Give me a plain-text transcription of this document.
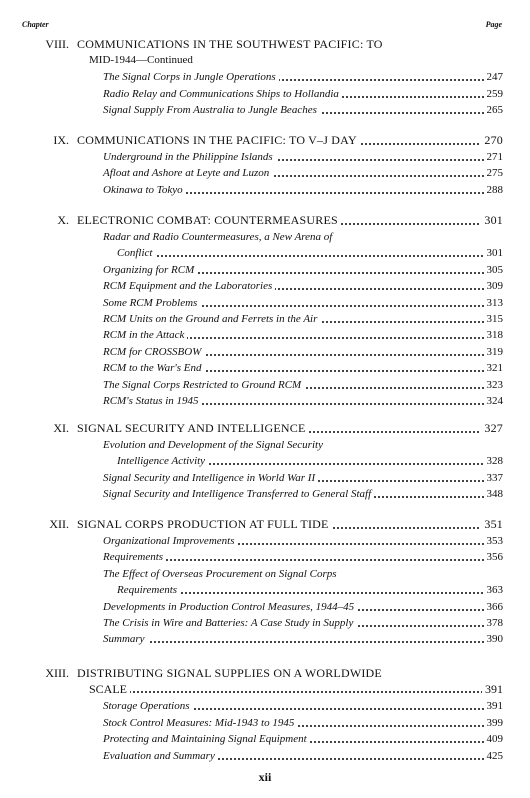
Chapter	Page
VIII. COMMUNICATIONS IN THE SOUTHWEST PACIFIC: TO
MID-1944—Continued
The Signal Corps in Jungle Operations	247
Radio Relay and Communications Ships to Hollandia	259
Signal Supply From Australia to Jungle Beaches	265
IX. COMMUNICATIONS IN THE PACIFIC: TO V–J DAY	270
Underground in the Philippine Islands	271
Afloat and Ashore at Leyte and Luzon	275
Okinawa to Tokyo	288
X. ELECTRONIC COMBAT: COUNTERMEASURES	301
Radar and Radio Countermeasures, a New Arena of
Conflict	301
Organizing for RCM	305
RCM Equipment and the Laboratories	309
Some RCM Problems	313
RCM Units on the Ground and Ferrets in the Air	315
RCM in the Attack	318
RCM for CROSSBOW	319
RCM to the War's End	321
The Signal Corps Restricted to Ground RCM	323
RCM's Status in 1945	324
XI. SIGNAL SECURITY AND INTELLIGENCE	327
Evolution and Development of the Signal Security
Intelligence Activity	328
Signal Security and Intelligence in World War II	337
Signal Security and Intelligence Transferred to General Staff	348
XII. SIGNAL CORPS PRODUCTION AT FULL TIDE	351
Organizational Improvements	353
Requirements	356
The Effect of Overseas Procurement on Signal Corps
Requirements	363
Developments in Production Control Measures, 1944–45	366
The Crisis in Wire and Batteries: A Case Study in Supply	378
Summary	390
XIII. DISTRIBUTING SIGNAL SUPPLIES ON A WORLDWIDE
SCALE	391
Storage Operations	391
Stock Control Measures: Mid-1943 to 1945	399
Protecting and Maintaining Signal Equipment	409
Evaluation and Summary	425
xii
